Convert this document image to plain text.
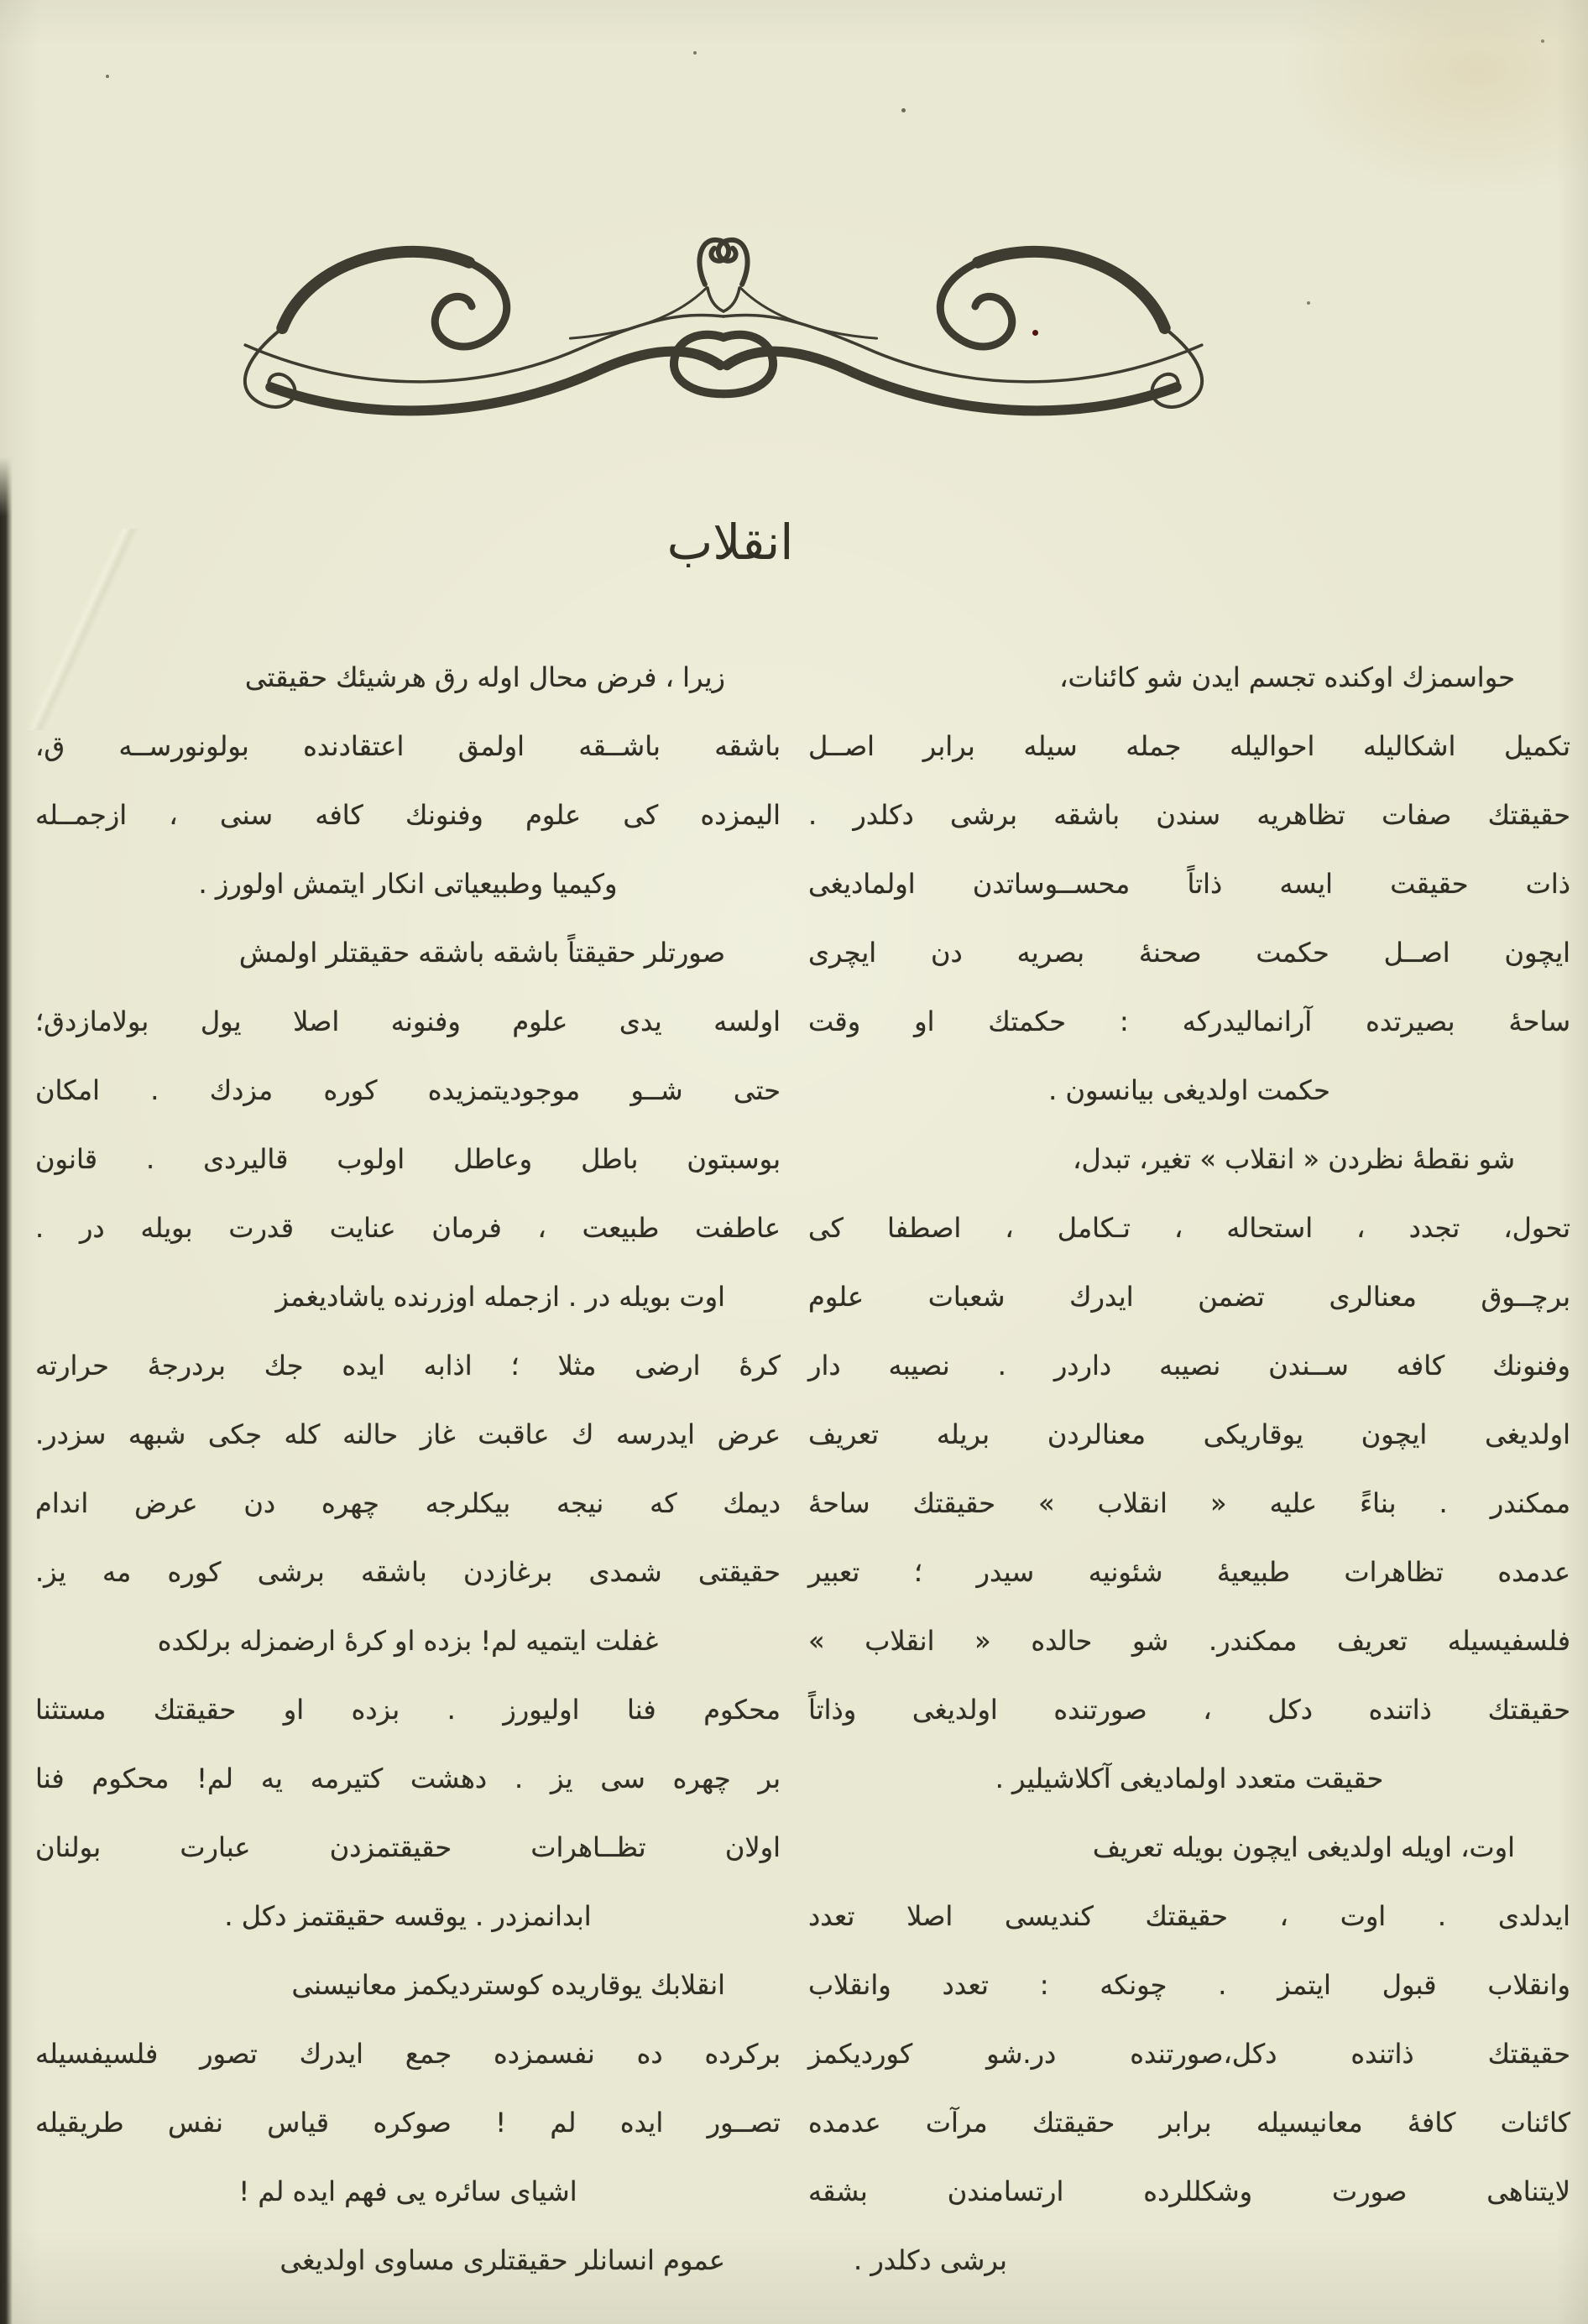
انقلاب
حواسمزك اوكنده تجسم ايدن شو كائنات،
تكميل اشكاليله احواليله جمله سيله برابر اصــل
حقيقتك صفات تظاهريه سندن باشقه برشى دكلدر .
ذات حقيقت ايسه ذاتاً محســوساتدن اولماديغى
ايچون اصــل حكمت صحنهٔ بصريه دن ايچرى
ساحهٔ بصيرتده آرانماليدركه : حكمتك او وقت
حكمت اولديغى بيانسون .
شو نقطهٔ نظردن « انقلاب » تغير، تبدل،
تحول، تجدد ، استحاله ، تـكامل ، اصطفا كى
برچــوق معنالرى تضمن ايدرك شعبات علوم
وفنونك كافه ســندن نصيبه داردر . نصيبه دار
اولديغى ايچون يوقاريكى معنالردن بريله تعريف
ممكندر . بناءً عليه « انقلاب » حقيقتك ساحهٔ
عدمده تظاهرات طبيعيهٔ شئونيه سيدر ؛ تعبير
فلسفيسيله تعريف ممكندر. شو حالده « انقلاب »
حقيقتك ذاتنده دكل ، صورتنده اولديغى وذاتاً
حقيقت متعدد اولماديغى آكلاشيلير .
اوت، اويله اولديغى ايچون بويله تعريف
ايدلدى . اوت ، حقيقتك كنديسى اصلا تعدد
وانقلاب قبول ايتمز . چونكه : تعدد وانقلاب
حقيقتك ذاتنده دكل،صورتنده در.شو كورديكمز
كائنات كافهٔ معانيسيله برابر حقيقتك مرآت عدمده
لايتناهى صورت وشكللرده ارتسامندن بشقه
برشى دكلدر .
زيرا ، فرض محال اوله رق هرشيئك حقيقتى
باشقه باشــقه اولمق اعتقادنده بولونورســه ق،
اليمزده كى علوم وفنونك كافه سنى ، ازجمــله
وكيميا وطبيعياتى انكار ايتمش اولورز .
صورتلر حقيقتاً باشقه باشقه حقيقتلر اولمش
اولسه يدى علوم وفنونه اصلا يول بولامازدق؛
حتى شــو موجوديتمزيده كوره مزدك . امكان
بوسبتون باطل وعاطل اولوب قاليردى . قانون
عاطفت طبيعت ، فرمان عنايت قدرت بويله در .
اوت بويله در . ازجمله اوزرنده ياشاديغمز
كرهٔ ارضى مثلا ؛ اذابه ايده جك بردرجهٔ حرارته
عرض ايدرسه ك عاقبت غاز حالنه كله جكى شبهه سزدر.
ديمك كه نيجه بيكلرجه چهره دن عرض اندام
حقيقتى شمدى برغازدن باشقه برشى كوره مه يز.
غفلت ايتميه لم! بزده او كرهٔ ارضمزله برلكده
محكوم فنا اوليورز . بزده او حقيقتك مستثنا
بر چهره سى يز . دهشت كتيرمه يه لم! محكوم فنا
اولان تظــاهرات حقيقتمزدن عبارت بولنان
ابدانمزدر . يوقسه حقيقتمز دكل .
انقلابك يوقاريده كوسترديكمز معانيسنى
بركرده ده نفسمزده جمع ايدرك تصور فلسيفسيله
تصــور ايده لم ! صوكره قياس نفس طريقيله
اشياى سائره يى فهم ايده لم !
عموم انسانلر حقيقتلرى مساوى اولديغى
